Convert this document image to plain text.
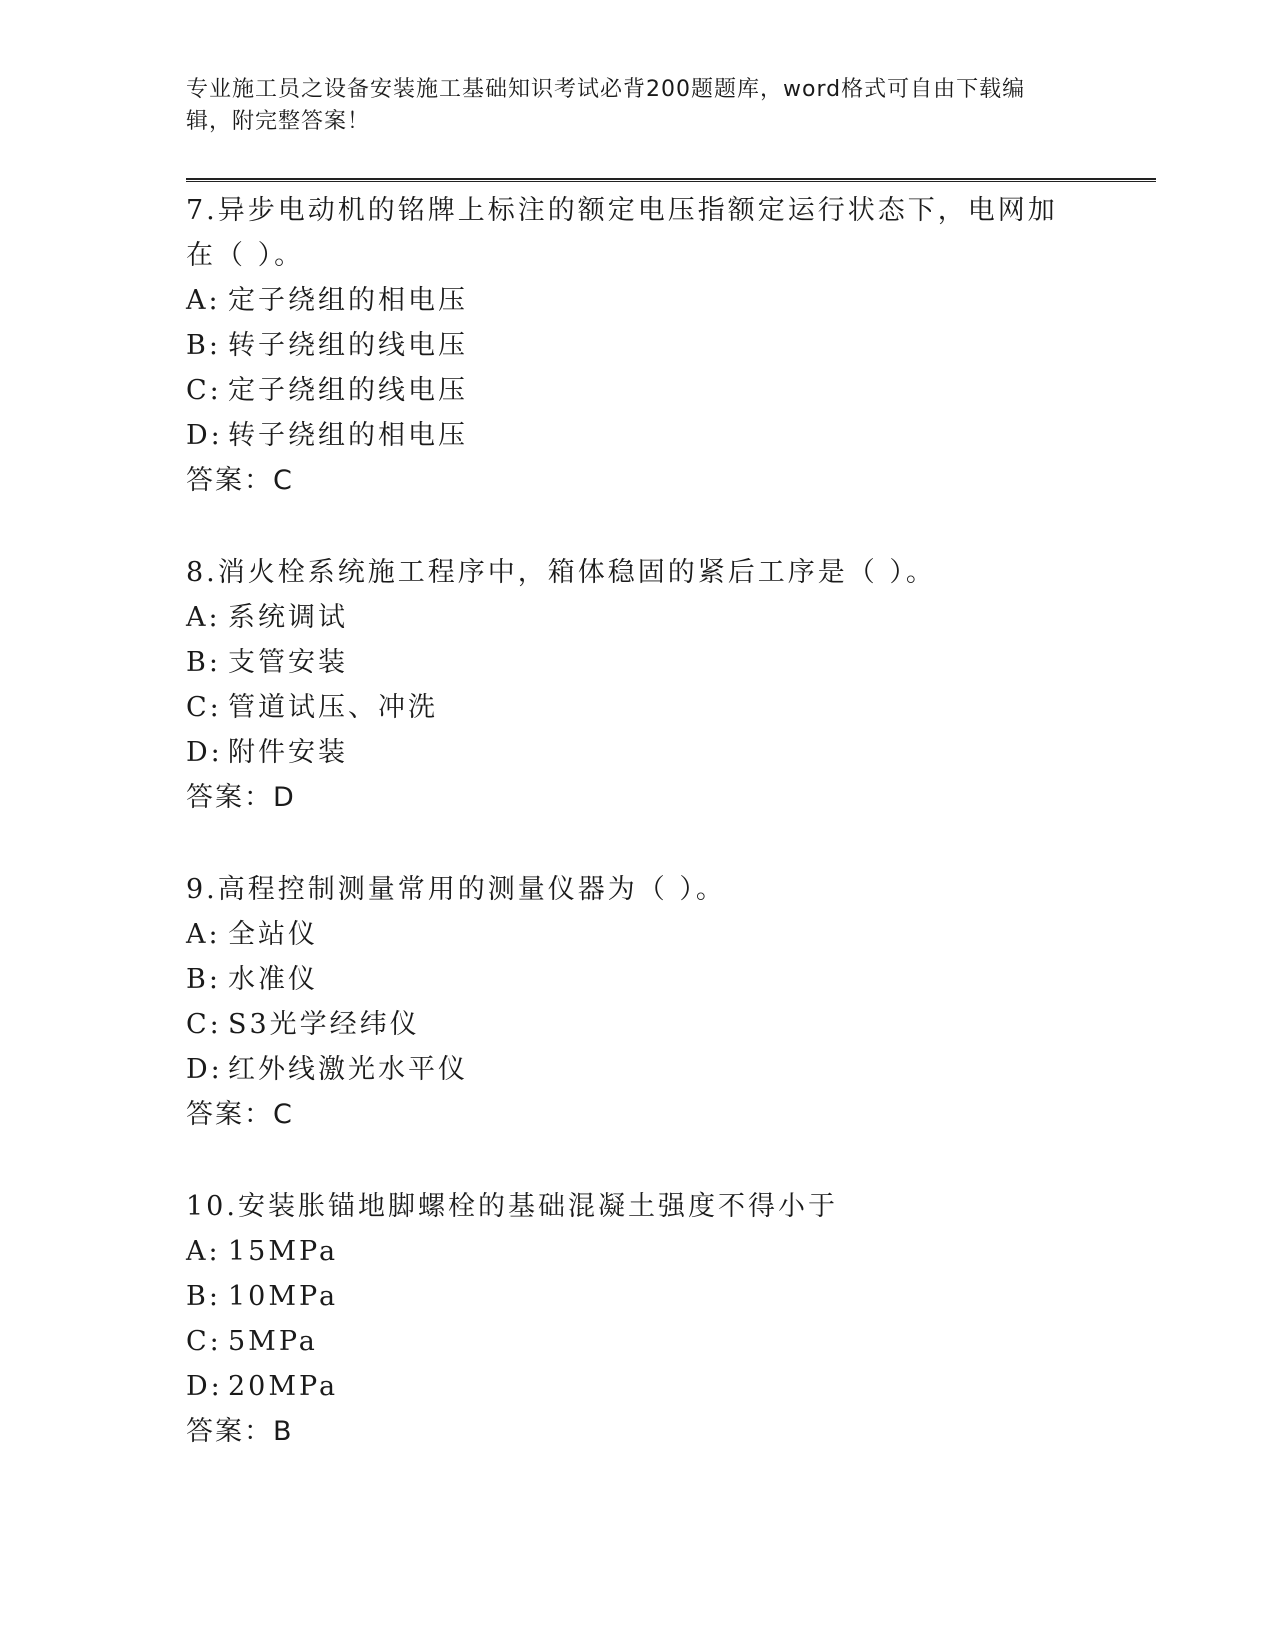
专业施工员之设备安装施工基础知识考试必背200题题库，word格式可自由下载编辑，附完整答案！
7.异步电动机的铭牌上标注的额定电压指额定运行状态下，电网加在（ ）。
A: 定子绕组的相电压
B: 转子绕组的线电压
C: 定子绕组的线电压
D: 转子绕组的相电压
答案：C
8.消火栓系统施工程序中，箱体稳固的紧后工序是（ ）。
A: 系统调试
B: 支管安装
C: 管道试压、冲洗
D: 附件安装
答案：D
9.高程控制测量常用的测量仪器为（ ）。
A: 全站仪
B: 水准仪
C: S3光学经纬仪
D: 红外线激光水平仪
答案：C
10.安装胀锚地脚螺栓的基础混凝土强度不得小于
A: 15MPa
B: 10MPa
C: 5MPa
D: 20MPa
答案：B
